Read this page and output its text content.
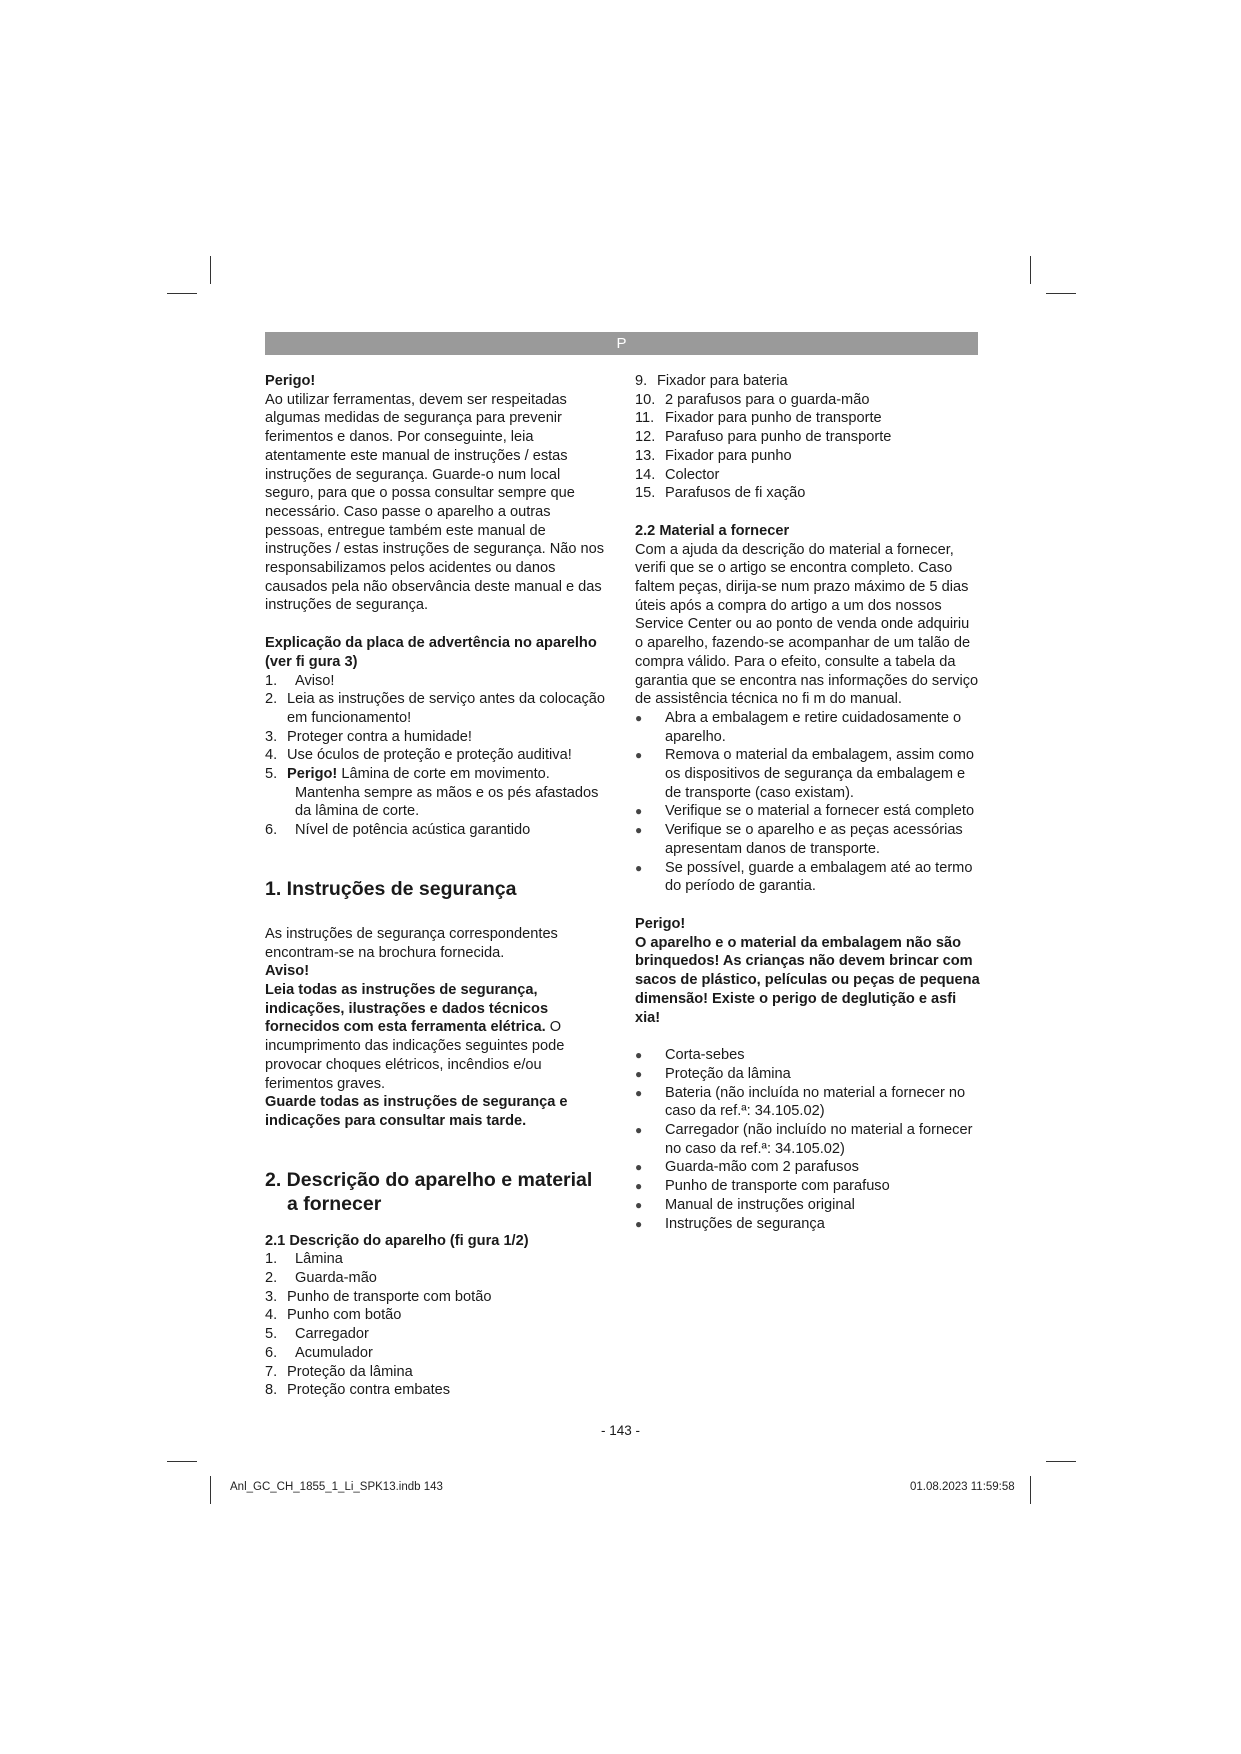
P

Perigo!

Ao utilizar ferramentas, devem ser respeitadas algumas medidas de segurança para prevenir ferimentos e danos. Por conseguinte, leia atentamente este manual de instruções / estas instruções de segurança. Guarde-o num local seguro, para que o possa consultar sempre que necessário. Caso passe o aparelho a outras pessoas, entregue também este manual de instruções / estas instruções de segurança. Não nos responsabilizamos pelos acidentes ou danos causados pela não observância deste manual e das instruções de segurança.

Explicação da placa de advertência no aparelho (ver fi gura 3)

1.	Aviso!
2. Leia as instruções de serviço antes da colocação em funcionamento!
3. Proteger contra a humidade!
4. Use óculos de proteção e proteção auditiva!
5. Perigo! Lâmina de corte em movimento.
Mantenha sempre as mãos e os pés afastados da lâmina de corte.
6.	Nível de potência acústica garantido

1. Instruções de segurança

As instruções de segurança correspondentes encontram-se na brochura fornecida.

Aviso!

Leia todas as instruções de segurança, indicações, ilustrações e dados técnicos fornecidos com esta ferramenta elétrica. O incumprimento das indicações seguintes pode provocar choques elétricos, incêndios e/ou ferimentos graves.

Guarde todas as instruções de segurança e indicações para consultar mais tarde.

2. Descrição do aparelho e material
a fornecer

2.1 Descrição do aparelho (fi gura 1/2)

1. Lâmina
2. Guarda-mão
3. Punho de transporte com botão
4. Punho com botão
5. Carregador
6. Acumulador
7. Proteção da lâmina
8. Proteção contra embates
9. Fixador para bateria
10. 2 parafusos para o guarda-mão
11. Fixador para punho de transporte
12. Parafuso para punho de transporte
13. Fixador para punho
14. Colector
15. Parafusos de fi xação

2.2 Material a fornecer

Com a ajuda da descrição do material a fornecer, verifi que se o artigo se encontra completo. Caso faltem peças, dirija-se num prazo máximo de 5 dias úteis após a compra do artigo a um dos nossos Service Center ou ao ponto de venda onde adquiriu o aparelho, fazendo-se acompanhar de um talão de compra válido. Para o efeito, consulte a tabela da garantia que se encontra nas informações do serviço de assistência técnica no fi m do manual.

● Abra a embalagem e retire cuidadosamente o aparelho.
● Remova o material da embalagem, assim como os dispositivos de segurança da embalagem e de transporte (caso existam).
● Verifique se o material a fornecer está completo
● Verifique se o aparelho e as peças acessórias apresentam danos de transporte.
● Se possível, guarde a embalagem até ao termo do período de garantia.

Perigo!

O aparelho e o material da embalagem não são brinquedos! As crianças não devem brincar com sacos de plástico, películas ou peças de pequena dimensão! Existe o perigo de deglutição e asfi xia!

● Corta-sebes
● Proteção da lâmina
● Bateria (não incluída no material a fornecer no caso da ref.ª: 34.105.02)
● Carregador (não incluído no material a fornecer no caso da ref.ª: 34.105.02)
● Guarda-mão com 2 parafusos
● Punho de transporte com parafuso
● Manual de instruções original
● Instruções de segurança
- 143 -
Anl_GC_CH_1855_1_Li_SPK13.indb 143	01.08.2023 11:59:58
